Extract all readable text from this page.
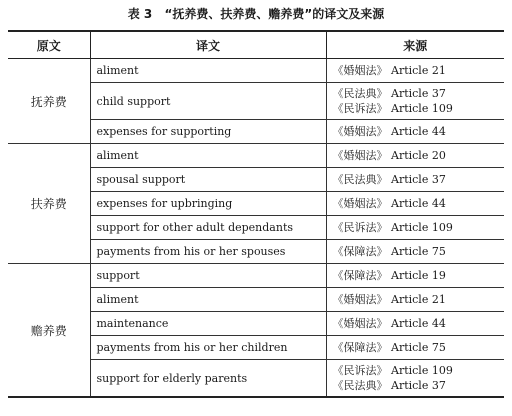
表 3 “抚养费、扶养费、赡养费”的译文及来源
原文	译文	来源
抚养费	aliment	《婚姻法》 Article 21

	child support	《民法典》 Article 37
《民诉法》 Article 109

	expenses for supporting	《婚姻法》 Article 44

扶养费	aliment	《婚姻法》 Article 20

	spousal support	《民法典》 Article 37

	expenses for upbringing	《婚姻法》 Article 44

	support for other adult dependants	《民诉法》 Article 109

	payments from his or her spouses	《保障法》 Article 75

赡养费	support	《保障法》 Article 19

	aliment	《婚姻法》 Article 21

	maintenance	《婚姻法》 Article 44

	payments from his or her children	《保障法》 Article 75

	support for elderly parents	《民诉法》 Article 109
《民法典》 Article 37
